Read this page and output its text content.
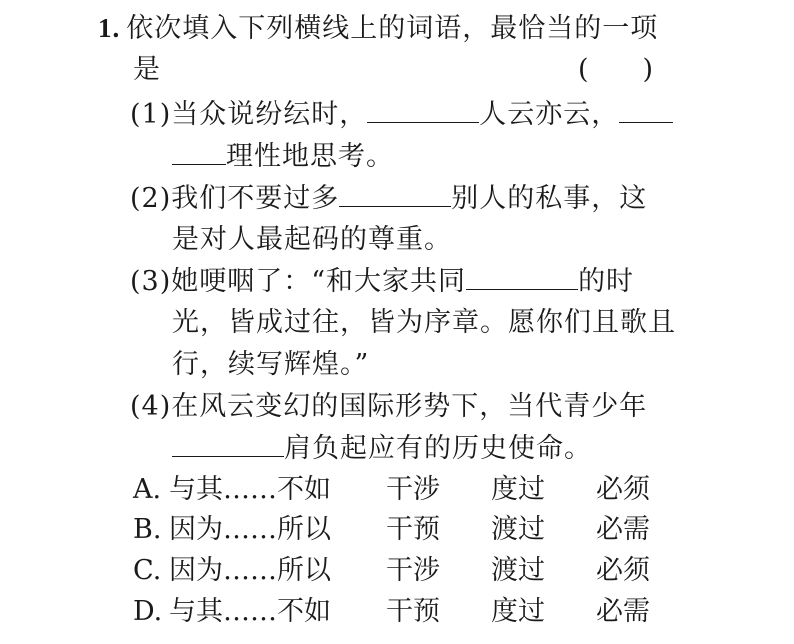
1. 依次填入下列横线上的词语，最恰当的一项
是	(　　)
(1)当众说纷纭时，	人云亦云，
理性地思考。
(2)我们不要过多	别人的私事，这
是对人最起码的尊重。
(3)她哽咽了：“和大家共同	的时
光，皆成过往，皆为序章。愿你们且歌且
行，续写辉煌。”
(4)在风云变幻的国际形势下，当代青少年
肩负起应有的历史使命。
A. 与其……不如 干涉 度过 必须
B. 因为……所以 干预 渡过 必需
C. 因为……所以 干涉 渡过 必须
D. 与其……不如 干预 度过 必需
